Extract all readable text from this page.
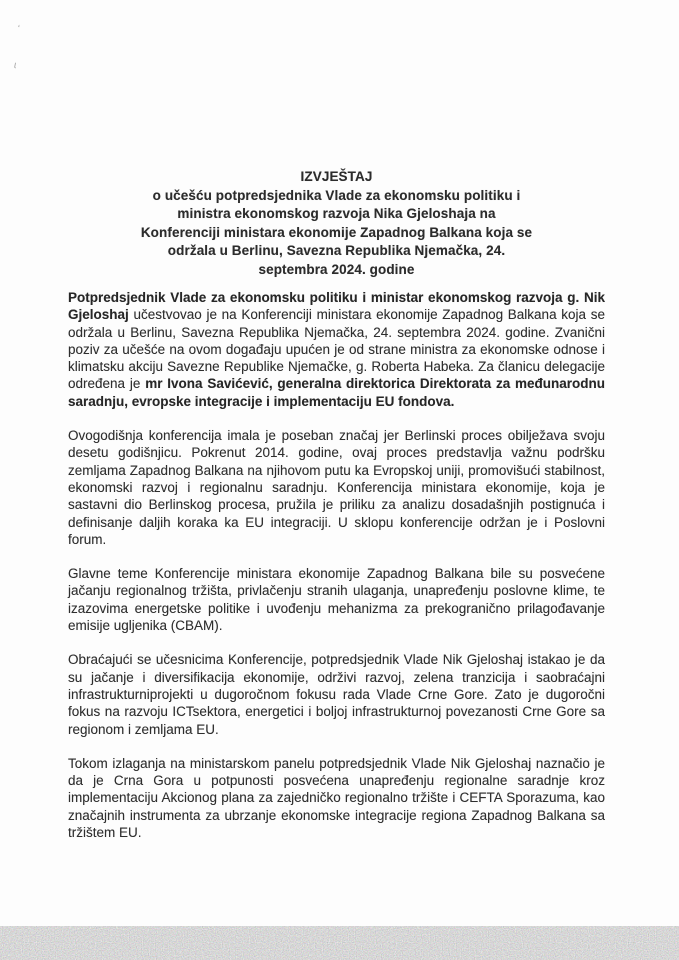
ʻ
ɩ
IZVJEŠTAJ
o učešću potpredsjednika Vlade za ekonomsku politiku i
ministra ekonomskog razvoja Nika Gjeloshaja na
Konferenciji ministara ekonomije Zapadnog Balkana koja se
održala u Berlinu, Savezna Republika Njemačka, 24.
septembra 2024. godine

Potpredsjednik Vlade za ekonomsku politiku i ministar ekonomskog razvoja g. Nik Gjeloshaj učestvovao je na Konferenciji ministara ekonomije Zapadnog Balkana koja se održala u Berlinu, Savezna Republika Njemačka, 24. septembra 2024. godine. Zvanični poziv za učešće na ovom događaju upućen je od strane ministra za ekonomske odnose i klimatsku akciju Savezne Republike Njemačke, g. Roberta Habeka. Za članicu delegacije određena je mr Ivona Savićević, generalna direktorica Direktorata za međunarodnu saradnju, evropske integracije i implementaciju EU fondova.

Ovogodišnja konferencija imala je poseban značaj jer Berlinski proces obilježava svoju desetu godišnjicu. Pokrenut 2014. godine, ovaj proces predstavlja važnu podršku zemljama Zapadnog Balkana na njihovom putu ka Evropskoj uniji, promovišući stabilnost, ekonomski razvoj i regionalnu saradnju. Konferencija ministara ekonomije, koja je sastavni dio Berlinskog procesa, pružila je priliku za analizu dosadašnjih postignuća i definisanje daljih koraka ka EU integraciji. U sklopu konferencije održan je i Poslovni forum.

Glavne teme Konferencije ministara ekonomije Zapadnog Balkana bile su posvećene jačanju regionalnog tržišta, privlačenju stranih ulaganja, unapređenju poslovne klime, te izazovima energetske politike i uvođenju mehanizma za prekogranično prilagođavanje emisije ugljenika (CBAM).

Obraćajući se učesnicima Konferencije, potpredsjednik Vlade Nik Gjeloshaj istakao je da su jačanje i diversifikacija ekonomije, održivi razvoj, zelena tranzicija i saobraćajni infrastrukturniprojekti u dugoročnom fokusu rada Vlade Crne Gore. Zato je dugoročni fokus na razvoju ICTsektora, energetici i boljoj infrastrukturnoj povezanosti Crne Gore sa regionom i zemljama EU.

Tokom izlaganja na ministarskom panelu potpredsjednik Vlade Nik Gjeloshaj naznačio je da je Crna Gora u potpunosti posvećena unapređenju regionalne saradnje kroz implementaciju Akcionog plana za zajedničko regionalno tržište i CEFTA Sporazuma, kao značajnih instrumenta za ubrzanje ekonomske integracije regiona Zapadnog Balkana sa tržištem EU.
